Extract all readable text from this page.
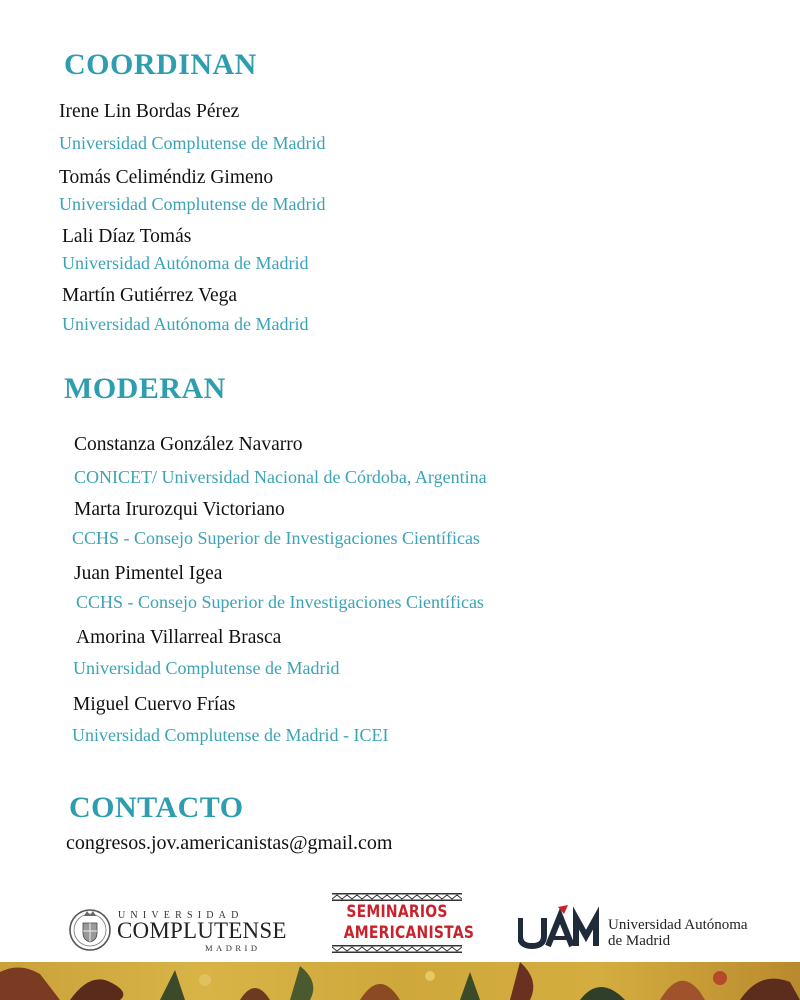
COORDINAN

Irene Lin Bordas Pérez

Universidad Complutense de Madrid

Tomás Celiméndiz Gimeno

Universidad Complutense de Madrid

Lali Díaz Tomás

Universidad Autónoma de Madrid

Martín Gutiérrez Vega

Universidad Autónoma de Madrid

MODERAN

Constanza González Navarro

CONICET/ Universidad Nacional de Córdoba, Argentina

Marta Irurozqui Victoriano

CCHS - Consejo Superior de Investigaciones Científicas

Juan Pimentel Igea

CCHS - Consejo Superior de Investigaciones Científicas

Amorina Villarreal Brasca

Universidad Complutense de Madrid

Miguel Cuervo Frías

Universidad Complutense de Madrid - ICEI

CONTACTO

congresos.jov.americanistas@gmail.com

UNIVERSIDAD
COMPLUTENSE
MADRID
SEMINARIOS
AMERICANISTAS	Universidad Autónoma
de Madrid
